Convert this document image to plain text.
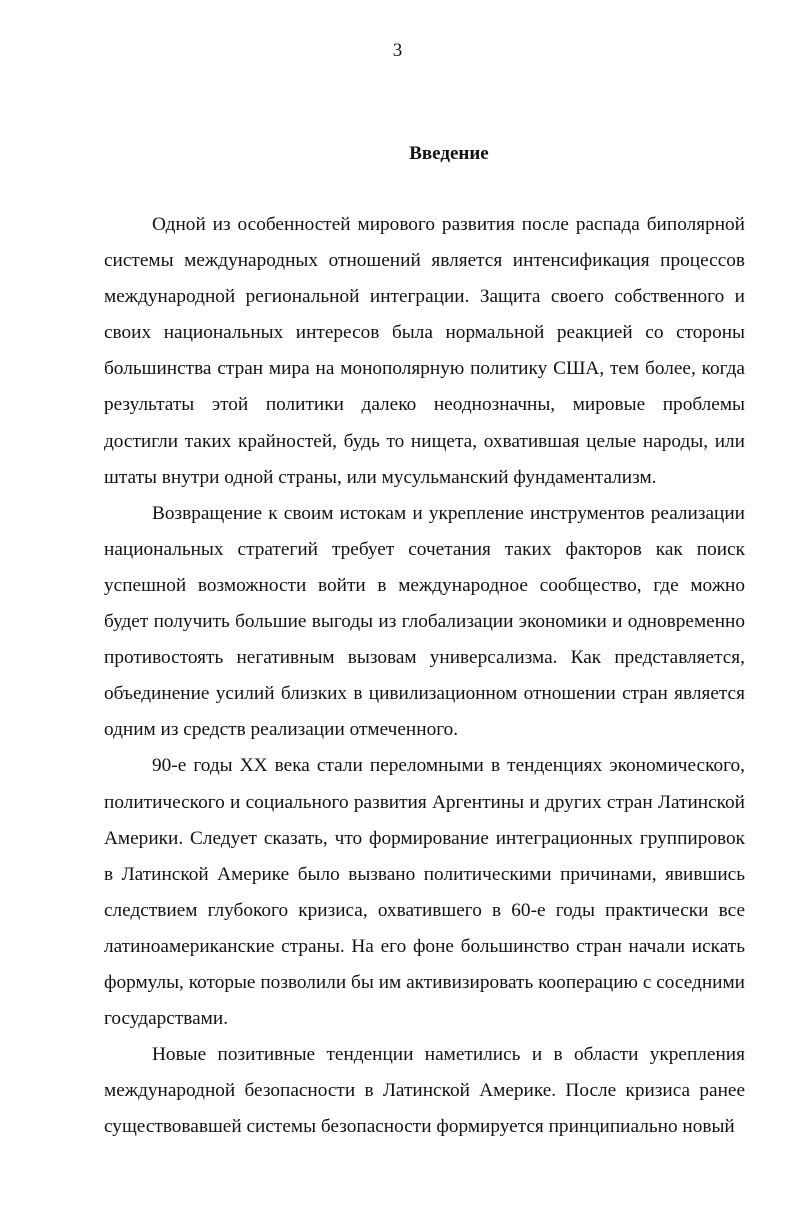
3

Введение

Одной из особенностей мирового развития после распада биполярной системы международных отношений является интенсификация процессов международной региональной интеграции. Защита своего собственного и своих национальных интересов была нормальной реакцией со стороны большинства стран мира на монополярную политику США, тем более, когда результаты этой политики далеко неоднозначны, мировые проблемы достигли таких крайностей, будь то нищета, охватившая целые народы, или штаты внутри одной страны, или мусульманский фундаментализм.

Возвращение к своим истокам и укрепление инструментов реализации национальных стратегий требует сочетания таких факторов как поиск успешной возможности войти в международное сообщество, где можно будет получить большие выгоды из глобализации экономики и одновременно противостоять негативным вызовам универсализма. Как представляется, объединение усилий близких в цивилизационном отношении стран является одним из средств реализации отмеченного.

90-е годы XX века стали переломными в тенденциях экономического, политического и социального развития Аргентины и других стран Латинской Америки. Следует сказать, что формирование интеграционных группировок в Латинской Америке было вызвано политическими причинами, явившись следствием глубокого кризиса, охватившего в 60-е годы практически все латиноамериканские страны. На его фоне большинство стран начали искать формулы, которые позволили бы им активизировать кооперацию с соседними государствами.

Новые позитивные тенденции наметились и в области укрепления международной безопасности в Латинской Америке. После кризиса ранее существовавшей системы безопасности формируется принципиально новый
